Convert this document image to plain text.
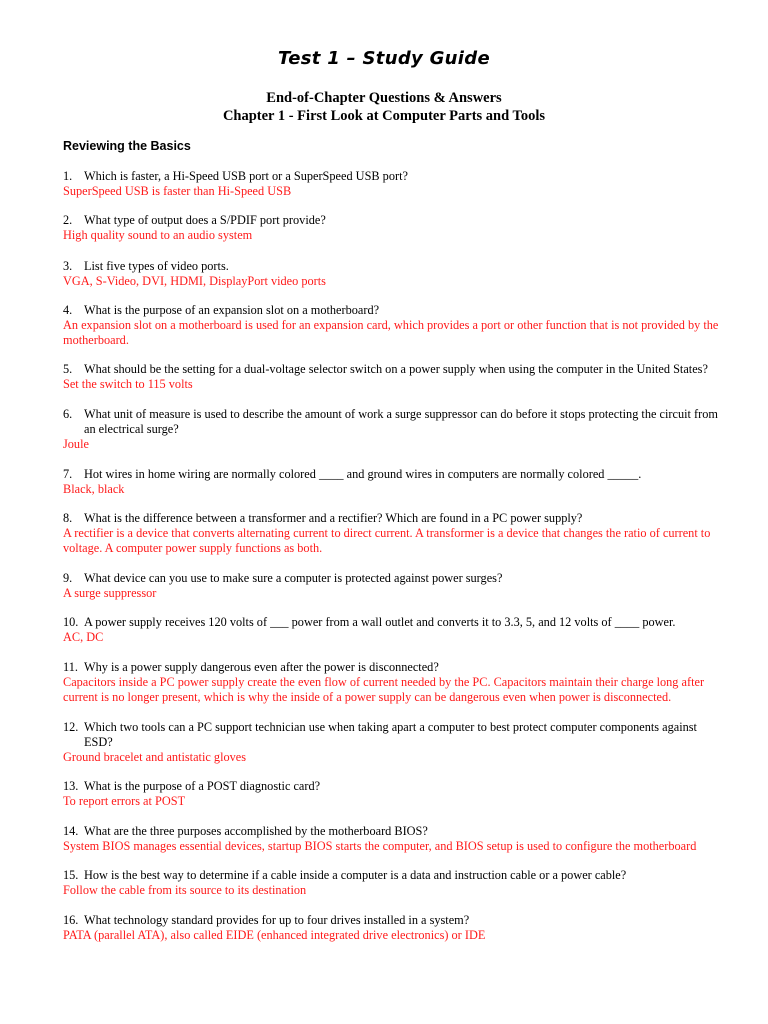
Test 1 – Study Guide
End-of-Chapter Questions & Answers
Chapter 1 - First Look at Computer Parts and Tools
Reviewing the Basics
1. Which is faster, a Hi-Speed USB port or a SuperSpeed USB port?
SuperSpeed USB is faster than Hi-Speed USB
2. What type of output does a S/PDIF port provide?
High quality sound to an audio system
3. List five types of video ports.
VGA, S-Video, DVI, HDMI, DisplayPort video ports
4. What is the purpose of an expansion slot on a motherboard?
An expansion slot on a motherboard is used for an expansion card, which provides a port or other function that is not provided by the motherboard.
5. What should be the setting for a dual-voltage selector switch on a power supply when using the computer in the United States?
Set the switch to 115 volts
6. What unit of measure is used to describe the amount of work a surge suppressor can do before it stops protecting the circuit from an electrical surge?
Joule
7. Hot wires in home wiring are normally colored ____ and ground wires in computers are normally colored _____.
Black, black
8. What is the difference between a transformer and a rectifier? Which are found in a PC power supply?
A rectifier is a device that converts alternating current to direct current. A transformer is a device that changes the ratio of current to voltage. A computer power supply functions as both.
9. What device can you use to make sure a computer is protected against power surges?
A surge suppressor
10. A power supply receives 120 volts of ___ power from a wall outlet and converts it to 3.3, 5, and 12 volts of ____ power.
AC, DC
11. Why is a power supply dangerous even after the power is disconnected?
Capacitors inside a PC power supply create the even flow of current needed by the PC. Capacitors maintain their charge long after current is no longer present, which is why the inside of a power supply can be dangerous even when power is disconnected.
12. Which two tools can a PC support technician use when taking apart a computer to best protect computer components against ESD?
Ground bracelet and antistatic gloves
13. What is the purpose of a POST diagnostic card?
To report errors at POST
14. What are the three purposes accomplished by the motherboard BIOS?
System BIOS manages essential devices, startup BIOS starts the computer, and BIOS setup is used to configure the motherboard
15. How is the best way to determine if a cable inside a computer is a data and instruction cable or a power cable?
Follow the cable from its source to its destination
16. What technology standard provides for up to four drives installed in a system?
PATA (parallel ATA), also called EIDE (enhanced integrated drive electronics) or IDE
